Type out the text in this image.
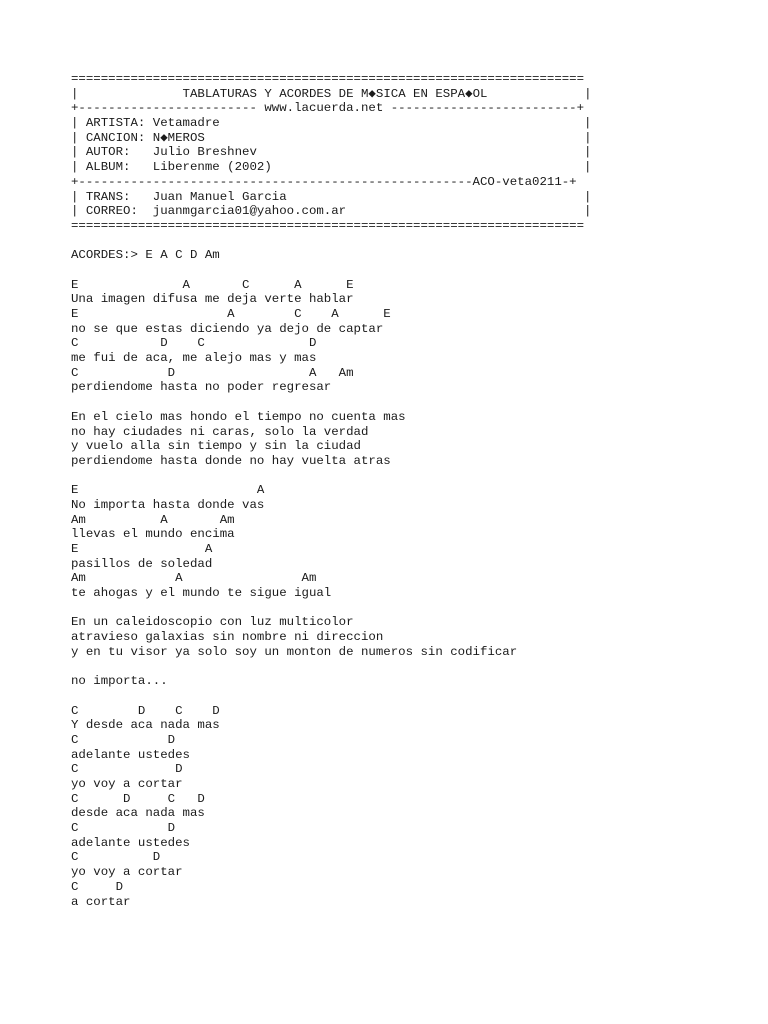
=====================================================================
|              TABLATURAS Y ACORDES DE M◆SICA EN ESPA◆OL             |
+------------------------ www.lacuerda.net -------------------------+
| ARTISTA: Vetamadre                                                 |
| CANCION: N◆MEROS                                                   |
| AUTOR:   Julio Breshnev                                            |
| ALBUM:   Liberenme (2002)                                          |
+-----------------------------------------------------ACO-veta0211-+
| TRANS:   Juan Manuel Garcia                                        |
| CORREO:  juanmgarcia01@yahoo.com.ar                                |
=====================================================================
ACORDES:> E A C D Am
E              A       C      A      E
Una imagen difusa me deja verte hablar
E                    A        C    A      E
no se que estas diciendo ya dejo de captar
C           D    C              D
me fui de aca, me alejo mas y mas
C            D                  A   Am
perdiendome hasta no poder regresar
En el cielo mas hondo el tiempo no cuenta mas
no hay ciudades ni caras, solo la verdad
y vuelo alla sin tiempo y sin la ciudad
perdiendome hasta donde no hay vuelta atras
E                        A
No importa hasta donde vas
Am          A       Am
llevas el mundo encima
E                 A
pasillos de soledad
Am            A                Am
te ahogas y el mundo te sigue igual
En un caleidoscopio con luz multicolor
atravieso galaxias sin nombre ni direccion
y en tu visor ya solo soy un monton de numeros sin codificar
no importa...
C        D    C    D
Y desde aca nada mas
C            D
adelante ustedes
C             D
yo voy a cortar
C      D     C   D
desde aca nada mas
C            D
adelante ustedes
C          D
yo voy a cortar
C     D
a cortar
